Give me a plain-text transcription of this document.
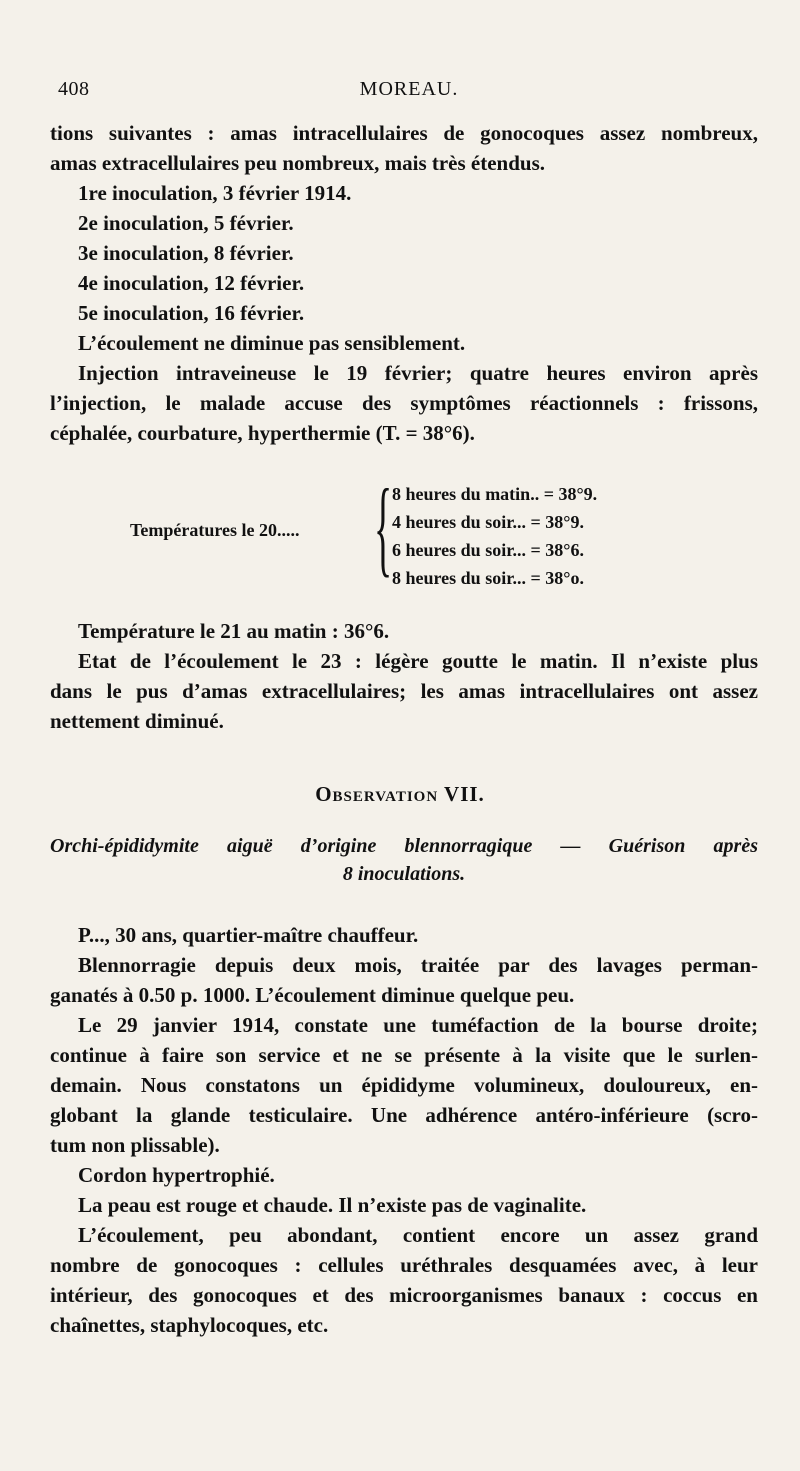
408	MOREAU.

tions suivantes : amas intracellulaires de gonocoques assez nombreux,

amas extracellulaires peu nombreux, mais très étendus.

1re inoculation, 3 février 1914.

2e inoculation, 5 février.

3e inoculation, 8 février.

4e inoculation, 12 février.

5e inoculation, 16 février.

L’écoulement ne diminue pas sensiblement.

Injection intraveineuse le 19 février; quatre heures environ après

l’injection, le malade accuse des symptômes réactionnels : frissons,

céphalée, courbature, hyperthermie (T. = 38°6).

Températures le 20..... { 8 heures du matin.. = 38°9.
4 heures du soir... = 38°9.
6 heures du soir... = 38°6.
8 heures du soir... = 38°o.

Température le 21 au matin : 36°6.

Etat de l’écoulement le 23 : légère goutte le matin. Il n’existe plus

dans le pus d’amas extracellulaires; les amas intracellulaires ont assez

nettement diminué.

Observation VII.

Orchi-épididymite aiguë d’origine blennorragique — Guérison après

8 inoculations.

P..., 30 ans, quartier-maître chauffeur.

Blennorragie depuis deux mois, traitée par des lavages perman-

ganatés à 0.50 p. 1000. L’écoulement diminue quelque peu.

Le 29 janvier 1914, constate une tuméfaction de la bourse droite;

continue à faire son service et ne se présente à la visite que le surlen-

demain. Nous constatons un épididyme volumineux, douloureux, en-

globant la glande testiculaire. Une adhérence antéro-inférieure (scro-

tum non plissable).

Cordon hypertrophié.

La peau est rouge et chaude. Il n’existe pas de vaginalite.

L’écoulement, peu abondant, contient encore un assez grand

nombre de gonocoques : cellules uréthrales desquamées avec, à leur

intérieur, des gonocoques et des microorganismes banaux : coccus en

chaînettes, staphylocoques, etc.
